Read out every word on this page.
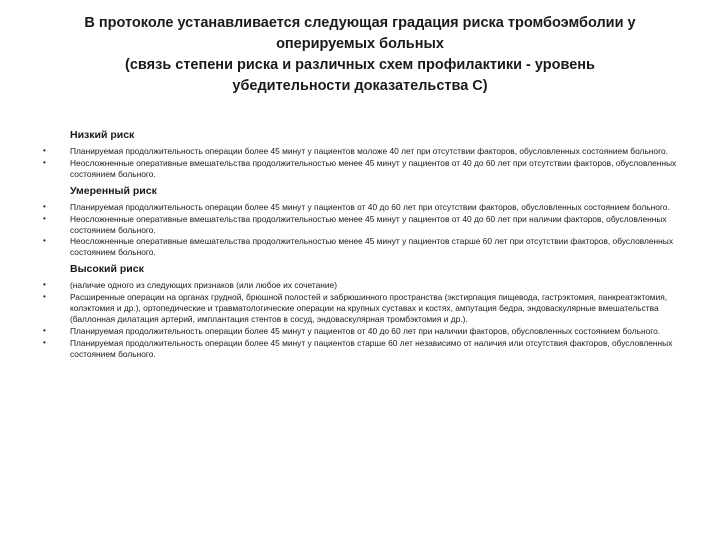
В протоколе устанавливается следующая градация риска тромбоэмболии у
оперируемых больных
(связь степени риска и различных схем профилактики - уровень
убедительности доказательства С)
Низкий риск
•	Планируемая продолжительность операции более 45 минут у пациентов моложе 40 лет при отсутствии факторов, обусловленных состоянием больного.
•	Неосложненные оперативные вмешательства продолжительностью менее 45 минут у пациентов от 40 до 60 лет при отсутствии факторов, обусловленных состоянием больного.
Умеренный риск
•	Планируемая продолжительность операции более 45 минут у пациентов от 40 до 60 лет при отсутствии факторов, обусловленных состоянием больного.
•	Неосложненные оперативные вмешательства продолжительностью менее 45 минут у пациентов от 40 до 60 лет при наличии факторов, обусловленных состоянием больного.
•	Неосложненные оперативные вмешательства продолжительностью менее 45 минут у пациентов старше 60 лет при отсутствии факторов, обусловленных состоянием больного.
Высокий риск
•	(наличие одного из следующих признаков (или любое их сочетание)
•	Расширенные операции на органах грудной, брюшной полостей и забрюшинного пространства (экстирпация пищевода, гастрэктомия, панкреатэктомия, колэктомия и др.), ортопедические и травматологические операции на крупных суставах и костях, ампутация бедра, эндоваскулярные вмешательства (баллонная дилатация артерий, имплантация стентов в сосуд, эндоваскулярная тромбэктомия и др.).
•	Планируемая продолжительность операции более 45 минут у пациентов от 40 до 60 лет при наличии факторов, обусловленных состоянием больного.
•	Планируемая продолжительность операции более 45 минут у пациентов старше 60 лет независимо от наличия или отсутствия факторов, обусловленных состоянием больного.
